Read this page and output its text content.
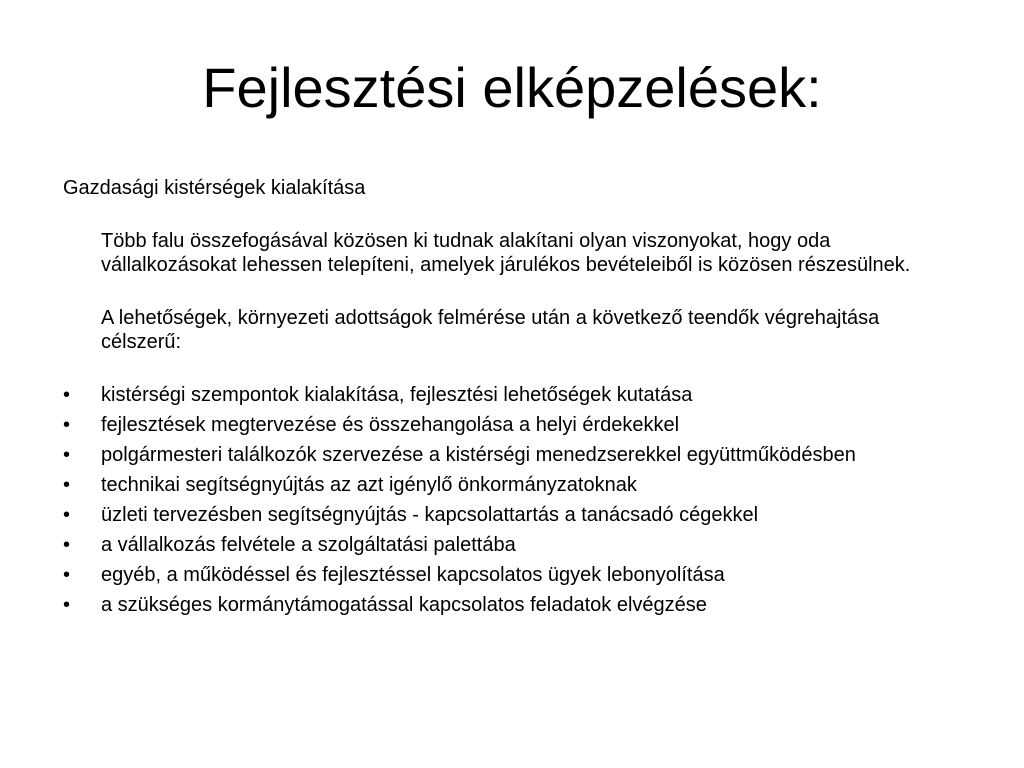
Fejlesztési elképzelések:

Gazdasági kistérségek kialakítása

Több falu összefogásával közösen ki tudnak alakítani olyan viszonyokat, hogy oda vállalkozásokat lehessen telepíteni, amelyek járulékos bevételeiből is közösen részesülnek.

A lehetőségek, környezeti adottságok felmérése után a következő teendők végrehajtása célszerű:

• kistérségi szempontok kialakítása, fejlesztési lehetőségek kutatása
• fejlesztések megtervezése és összehangolása a helyi érdekekkel
• polgármesteri találkozók szervezése a kistérségi menedzserekkel együttműködésben
• technikai segítségnyújtás az azt igénylő önkormányzatoknak
• üzleti tervezésben segítségnyújtás - kapcsolattartás a tanácsadó cégekkel
• a vállalkozás felvétele a szolgáltatási palettába
• egyéb, a működéssel és fejlesztéssel kapcsolatos ügyek lebonyolítása
• a szükséges kormánytámogatással kapcsolatos feladatok elvégzése
